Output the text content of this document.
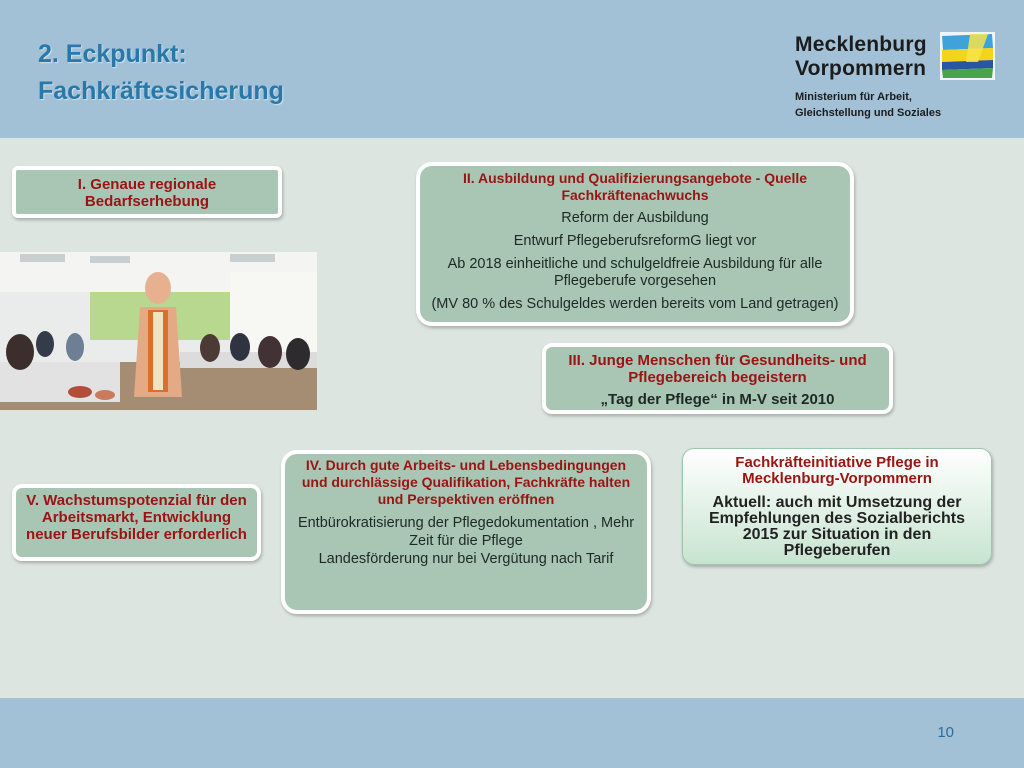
2. Eckpunkt:
Fachkräftesicherung
Mecklenburg
Vorpommern
Ministerium für Arbeit,
Gleichstellung und Soziales
I. Genaue regionale Bedarfserhebung
II. Ausbildung und Qualifizierungsangebote - Quelle Fachkräftenachwuchs
Reform der Ausbildung
Entwurf PflegeberufsreformG liegt vor
Ab 2018 einheitliche und schulgeldfreie Ausbildung für alle Pflegeberufe vorgesehen
(MV 80 % des Schulgeldes werden bereits vom Land getragen)
III. Junge Menschen für Gesundheits- und Pflegebereich begeistern
„Tag der Pflege“ in M-V seit 2010
IV. Durch gute Arbeits- und Lebensbedingungen und durchlässige Qualifikation, Fachkräfte halten und Perspektiven eröffnen
Entbürokratisierung der Pflegedokumentation , Mehr Zeit für die Pflege
Landesförderung nur bei Vergütung nach Tarif
V. Wachstumspotenzial für den Arbeitsmarkt, Entwicklung neuer Berufsbilder erforderlich
Fachkräfteinitiative Pflege in Mecklenburg-Vorpommern
Aktuell: auch mit Umsetzung der Empfehlungen des Sozialberichts 2015 zur Situation in den Pflegeberufen
10
